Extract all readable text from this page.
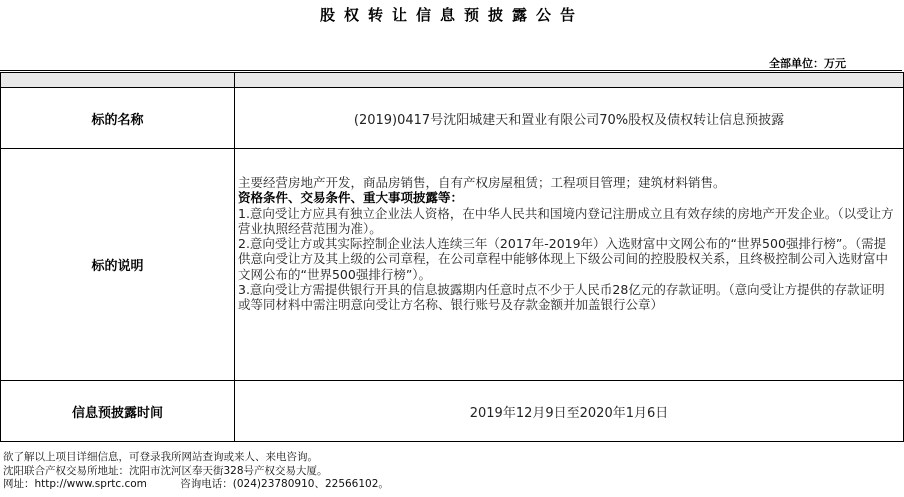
股权转让信息预披露公告
全部单位：万元

标的名称	(2019)0417号沈阳城建天和置业有限公司70%股权及债权转让信息预披露
标的说明	主要经营房地产开发，商品房销售，自有产权房屋租赁；工程项目管理；建筑材料销售。
资格条件、交易条件、重大事项披露等：
1.意向受让方应具有独立企业法人资格，在中华人民共和国境内登记注册成立且有效存续的房地产开发企业。（以受让方营业执照经营范围为准）。
2.意向受让方或其实际控制企业法人连续三年（2017年-2019年）入选财富中文网公布的“世界500强排行榜”。（需提供意向受让方及其上级的公司章程，在公司章程中能够体现上下级公司间的控股股权关系，且终极控制公司入选财富中文网公布的“世界500强排行榜”）。
3.意向受让方需提供银行开具的信息披露期内任意时点不少于人民币28亿元的存款证明。（意向受让方提供的存款证明或等同材料中需注明意向受让方名称、银行账号及存款金额并加盖银行公章）

信息预披露时间	2019年12月9日至2020年1月6日
欲了解以上项目详细信息，可登录我所网站查询或来人、来电咨询。
沈阳联合产权交易所地址：沈阳市沈河区奉天街328号产权交易大厦。
网址：http://www.sprtc.com          咨询电话：(024)23780910、22566102。
